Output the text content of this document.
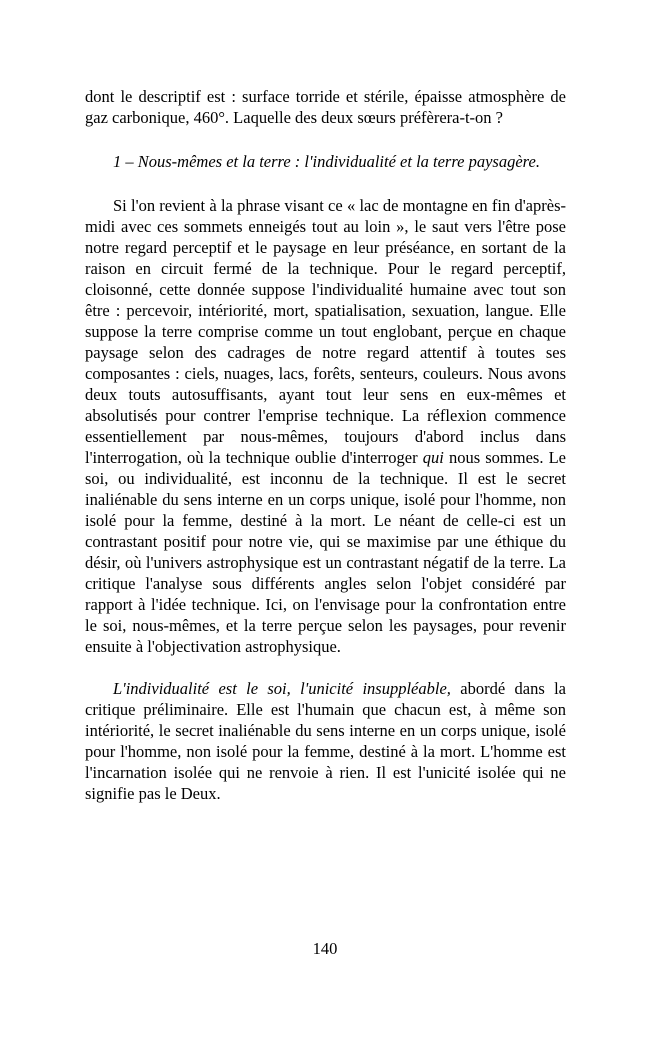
dont le descriptif est : surface torride et stérile, épaisse atmosphère de gaz carbonique, 460°. Laquelle des deux sœurs préfèrera-t-on ?

1 – Nous-mêmes et la terre : l'individualité et la terre paysagère.

Si l'on revient à la phrase visant ce « lac de montagne en fin d'après-midi avec ces sommets enneigés tout au loin », le saut vers l'être pose notre regard perceptif et le paysage en leur préséance, en sortant de la raison en circuit fermé de la technique. Pour le regard perceptif, cloisonné, cette donnée suppose l'individualité humaine avec tout son être : percevoir, intériorité, mort, spatialisation, sexuation, langue. Elle suppose la terre comprise comme un tout englobant, perçue en chaque paysage selon des cadrages de notre regard attentif à toutes ses composantes : ciels, nuages, lacs, forêts, senteurs, couleurs. Nous avons deux touts autosuffisants, ayant tout leur sens en eux-mêmes et absolutisés pour contrer l'emprise technique. La réflexion commence essentiellement par nous-mêmes, toujours d'abord inclus dans l'interrogation, où la technique oublie d'interroger qui nous sommes. Le soi, ou individualité, est inconnu de la technique. Il est le secret inaliénable du sens interne en un corps unique, isolé pour l'homme, non isolé pour la femme, destiné à la mort. Le néant de celle-ci est un contrastant positif pour notre vie, qui se maximise par une éthique du désir, où l'univers astrophysique est un contrastant négatif de la terre. La critique l'analyse sous différents angles selon l'objet considéré par rapport à l'idée technique. Ici, on l'envisage pour la confrontation entre le soi, nous-mêmes, et la terre perçue selon les paysages, pour revenir ensuite à l'objectivation astrophysique.

L'individualité est le soi, l'unicité insuppléable, abordé dans la critique préliminaire. Elle est l'humain que chacun est, à même son intériorité, le secret inaliénable du sens interne en un corps unique, isolé pour l'homme, non isolé pour la femme, destiné à la mort. L'homme est l'incarnation isolée qui ne renvoie à rien. Il est l'unicité isolée qui ne signifie pas le Deux.

140
